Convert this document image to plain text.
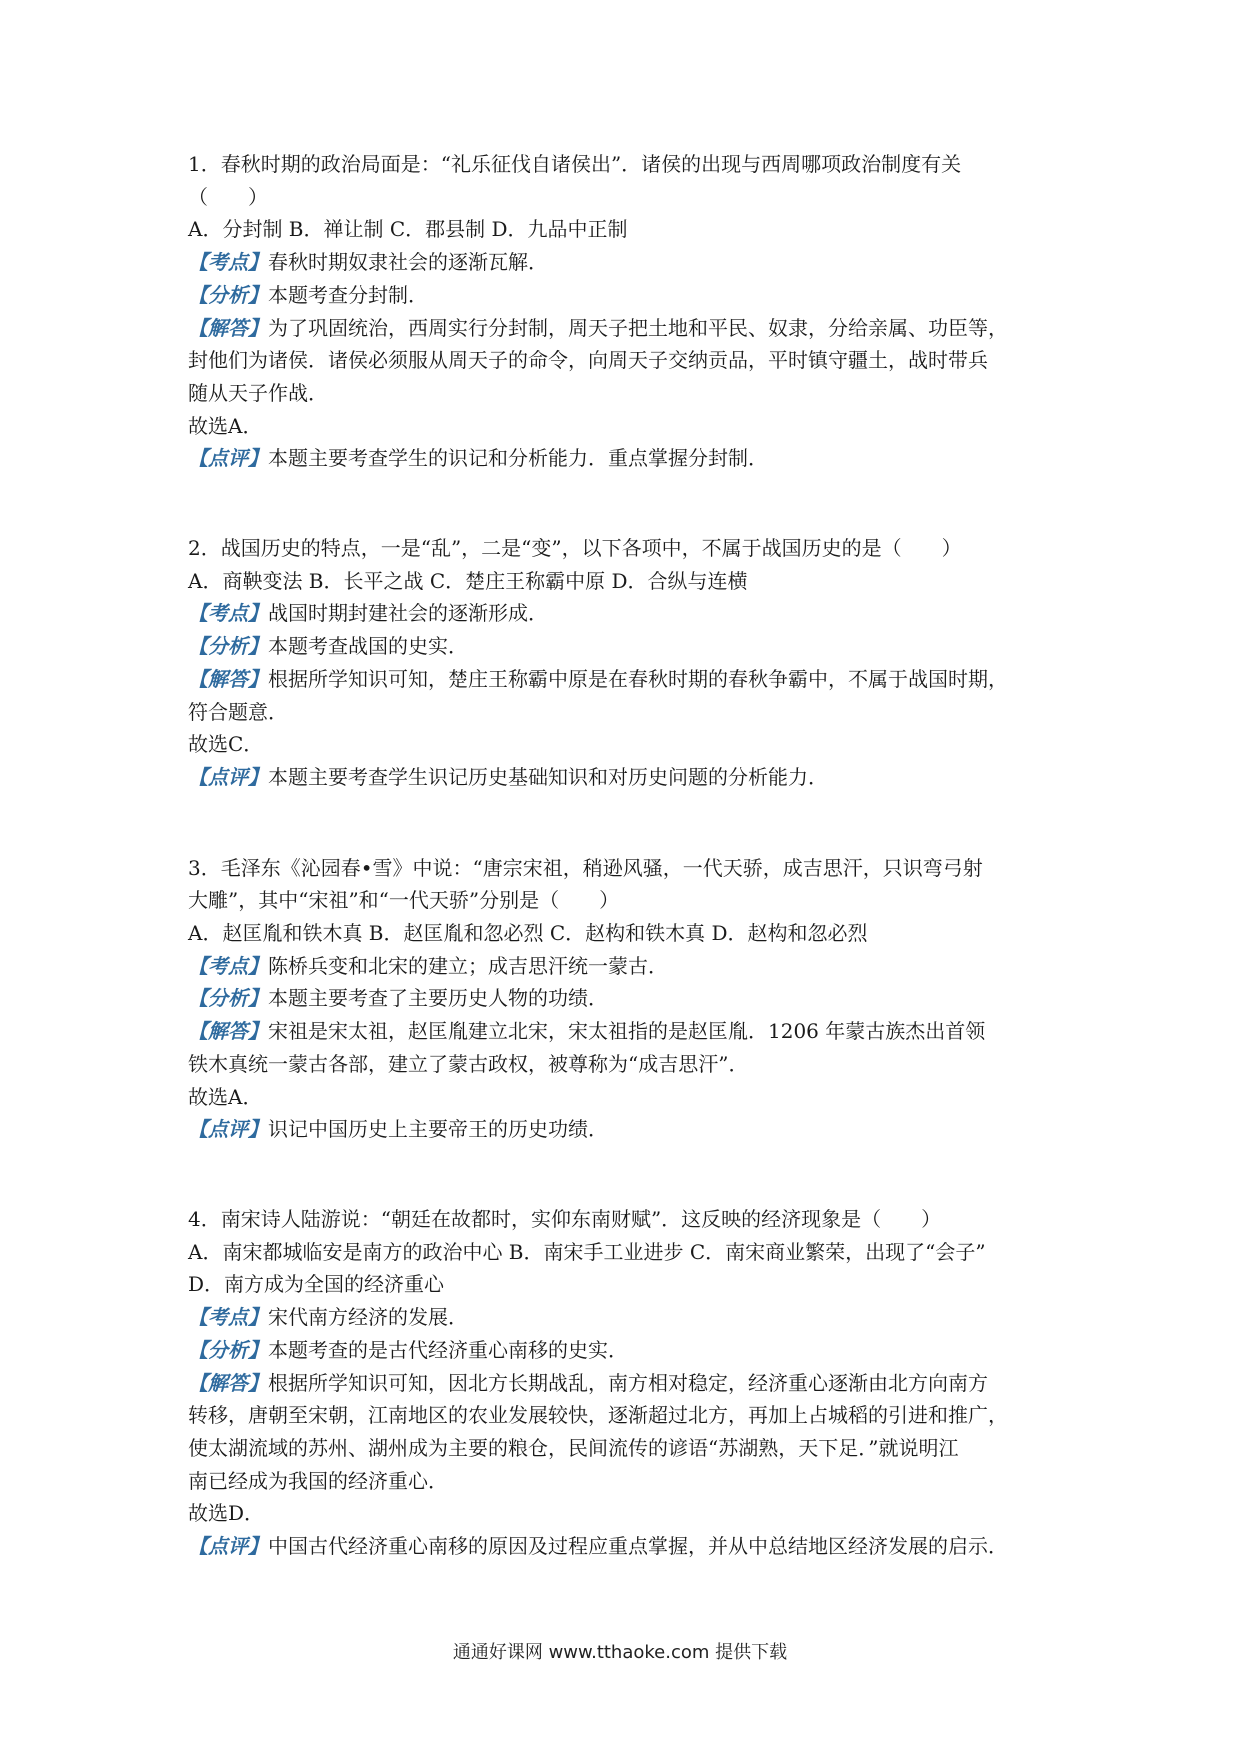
1．春秋时期的政治局面是：“礼乐征伐自诸侯出”．诸侯的出现与西周哪项政治制度有关
（　　）
A．分封制 B．禅让制 C．郡县制 D．九品中正制
【考点】春秋时期奴隶社会的逐渐瓦解．
【分析】本题考查分封制．
【解答】为了巩固统治，西周实行分封制，周天子把土地和平民、奴隶，分给亲属、功臣等，
封他们为诸侯．诸侯必须服从周天子的命令，向周天子交纳贡品，平时镇守疆土，战时带兵
随从天子作战．
故选A．
【点评】本题主要考查学生的识记和分析能力．重点掌握分封制．
2．战国历史的特点，一是“乱”，二是“变”，以下各项中，不属于战国历史的是（　　）
A．商鞅变法 B．长平之战 C．楚庄王称霸中原 D．合纵与连横
【考点】战国时期封建社会的逐渐形成．
【分析】本题考查战国的史实．
【解答】根据所学知识可知，楚庄王称霸中原是在春秋时期的春秋争霸中，不属于战国时期，
符合题意．
故选C．
【点评】本题主要考查学生识记历史基础知识和对历史问题的分析能力．
3．毛泽东《沁园春•雪》中说：“唐宗宋祖，稍逊风骚，一代天骄，成吉思汗，只识弯弓射
大雕”，其中“宋祖”和“一代天骄”分别是（　　）
A．赵匡胤和铁木真 B．赵匡胤和忽必烈 C．赵构和铁木真 D．赵构和忽必烈
【考点】陈桥兵变和北宋的建立；成吉思汗统一蒙古．
【分析】本题主要考查了主要历史人物的功绩．
【解答】宋祖是宋太祖，赵匡胤建立北宋，宋太祖指的是赵匡胤．1206 年蒙古族杰出首领
铁木真统一蒙古各部，建立了蒙古政权，被尊称为“成吉思汗”．
故选A．
【点评】识记中国历史上主要帝王的历史功绩．
4．南宋诗人陆游说：“朝廷在故都时，实仰东南财赋”．这反映的经济现象是（　　）
A．南宋都城临安是南方的政治中心 B．南宋手工业进步 C．南宋商业繁荣，出现了“会子”
D．南方成为全国的经济重心
【考点】宋代南方经济的发展．
【分析】本题考查的是古代经济重心南移的史实．
【解答】根据所学知识可知，因北方长期战乱，南方相对稳定，经济重心逐渐由北方向南方
转移，唐朝至宋朝，江南地区的农业发展较快，逐渐超过北方，再加上占城稻的引进和推广，
使太湖流域的苏州、湖州成为主要的粮仓，民间流传的谚语“苏湖熟，天下足．”就说明江
南已经成为我国的经济重心．
故选D．
【点评】中国古代经济重心南移的原因及过程应重点掌握，并从中总结地区经济发展的启示．
通通好课网 www.tthaoke.com 提供下载
